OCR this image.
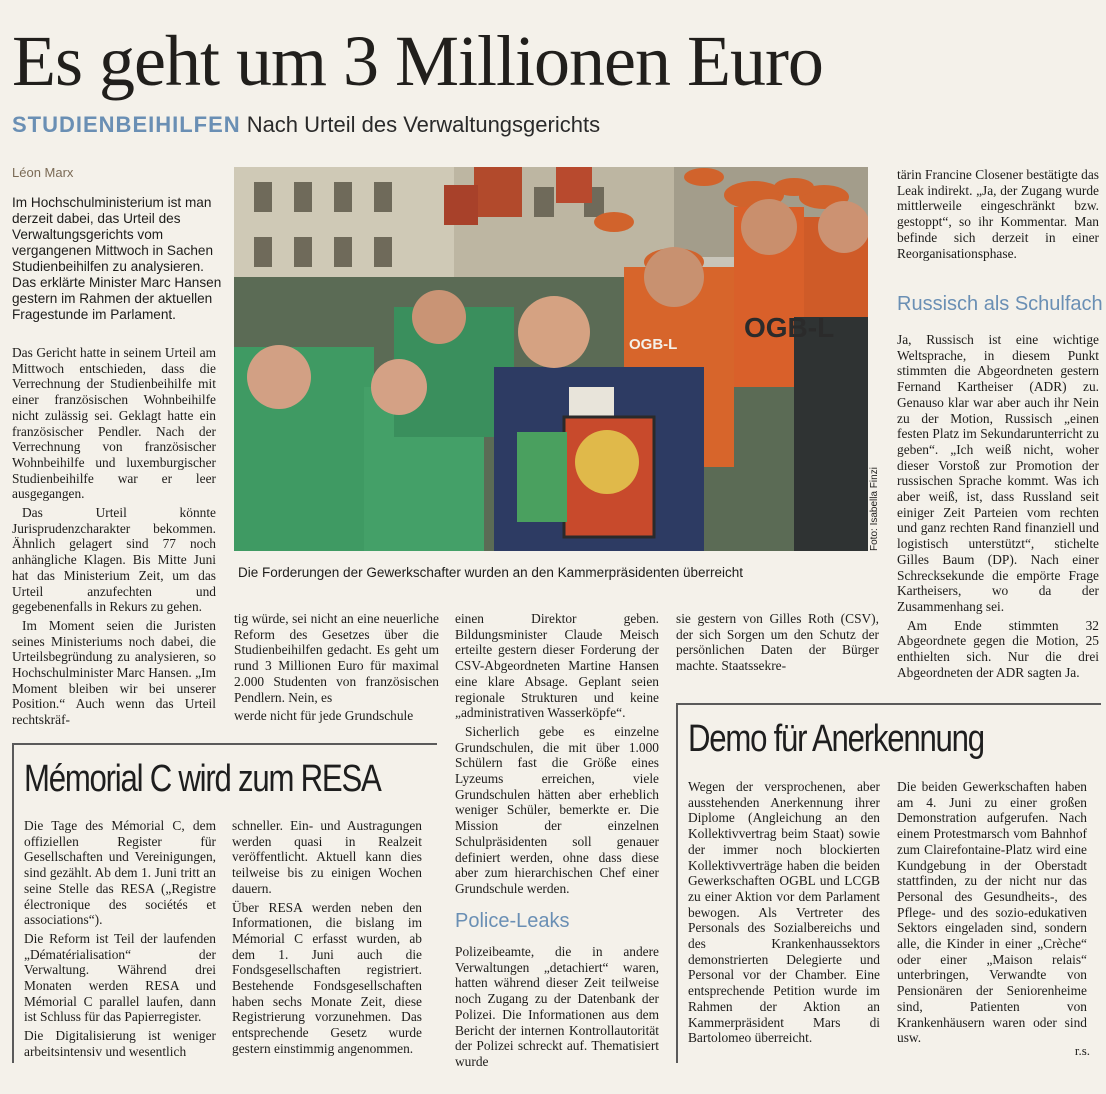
Es geht um 3 Millionen Euro
STUDIENBEIHILFEN Nach Urteil des Verwaltungsgerichts
Léon Marx
Im Hochschulministerium ist man derzeit dabei, das Urteil des Verwaltungsgerichts vom vergangenen Mittwoch in Sachen Studienbeihilfen zu analysieren. Das erklärte Minister Marc Hansen gestern im Rahmen der aktuellen Fragestunde im Parlament.

Das Gericht hatte in seinem Urteil am Mittwoch entschieden, dass die Verrechnung der Studienbeihilfe mit einer französischen Wohnbeihilfe nicht zulässig sei. Geklagt hatte ein französischer Pendler. Nach der Verrechnung von französischer Wohnbeihilfe und luxemburgischer Studienbeihilfe war er leer ausgegangen.

Das Urteil könnte Jurisprudenzcharakter bekommen. Ähnlich gelagert sind 77 noch anhängliche Klagen. Bis Mitte Juni hat das Ministerium Zeit, um das Urteil anzufechten und gegebenenfalls in Rekurs zu gehen.

Im Moment seien die Juristen seines Ministeriums noch dabei, die Urteilsbegründung zu analysieren, so Hochschulminister Marc Hansen. „Im Moment bleiben wir bei unserer Position.“ Auch wenn das Urteil rechtskräf-

OGB-L
OGB-L
Foto: Isabella Finzi
Die Forderungen der Gewerkschafter wurden an den Kammerpräsidenten überreicht

tig würde, sei nicht an eine neuerliche Reform des Gesetzes über die Studienbeihilfen gedacht. Es geht um rund 3 Millionen Euro für maximal 2.000 Studenten von französischen Pendlern. Nein, es

werde nicht für jede Grundschule

einen Direktor geben. Bildungsminister Claude Meisch erteilte gestern dieser Forderung der CSV-Abgeordneten Martine Hansen eine klare Absage. Geplant seien regionale Strukturen und keine „administrativen Wasserköpfe“.

Sicherlich gebe es einzelne Grundschulen, die mit über 1.000 Schülern fast die Größe eines Lyzeums erreichen, viele Grundschulen hätten aber erheblich weniger Schüler, bemerkte er. Die Mission der einzelnen Schulpräsidenten soll genauer definiert werden, ohne dass diese aber zum hierarchischen Chef einer Grundschule werden.

Police-Leaks
Polizeibeamte, die in andere Verwaltungen „detachiert“ waren, hatten während dieser Zeit teilweise noch Zugang zu der Datenbank der Polizei. Die Informationen aus dem Bericht der internen Kontrollautorität der Polizei schreckt auf. Thematisiert wurde
sie gestern von Gilles Roth (CSV), der sich Sorgen um den Schutz der persönlichen Daten der Bürger machte. Staatssekre-
tärin Francine Closener bestätigte das Leak indirekt. „Ja, der Zugang wurde mittlerweile eingeschränkt bzw. gestoppt“, so ihr Kommentar. Man befinde sich derzeit in einer Reorganisationsphase.
Russisch als Schulfach

Ja, Russisch ist eine wichtige Weltsprache, in diesem Punkt stimmten die Abgeordneten gestern Fernand Kartheiser (ADR) zu. Genauso klar war aber auch ihr Nein zu der Motion, Russisch „einen festen Platz im Sekundarunterricht zu geben“. „Ich weiß nicht, woher dieser Vorstoß zur Promotion der russischen Sprache kommt. Was ich aber weiß, ist, dass Russland seit einiger Zeit Parteien vom rechten und ganz rechten Rand finanziell und logistisch unterstützt“, stichelte Gilles Baum (DP). Nach einer Schrecksekunde die empörte Frage Kartheisers, wo da der Zusammenhang sei.

Am Ende stimmten 32 Abgeordnete gegen die Motion, 25 enthielten sich. Nur die drei Abgeordneten der ADR sagten Ja.

Mémorial C wird zum RESA

Die Tage des Mémorial C, dem offiziellen Register für Gesellschaften und Vereinigungen, sind gezählt. Ab dem 1. Juni tritt an seine Stelle das RESA („Registre électronique des sociétés et associations“).

Die Reform ist Teil der laufenden „Dématérialisation“ der Verwaltung. Während drei Monaten werden RESA und Mémorial C parallel laufen, dann ist Schluss für das Papierregister.

Die Digitalisierung ist weniger arbeitsintensiv und wesentlich

schneller. Ein- und Austragungen werden quasi in Realzeit veröffentlicht. Aktuell kann dies teilweise bis zu einigen Wochen dauern.

Über RESA werden neben den Informationen, die bislang im Mémorial C erfasst wurden, ab dem 1. Juni auch die Fondsgesellschaften registriert. Bestehende Fondsgesellschaften haben sechs Monate Zeit, diese Registrierung vorzunehmen. Das entsprechende Gesetz wurde gestern einstimmig angenommen.

Demo für Anerkennung
Wegen der versprochenen, aber ausstehenden Anerkennung ihrer Diplome (Angleichung an den Kollektivvertrag beim Staat) sowie der immer noch blockierten Kollektivverträge haben die beiden Gewerkschaften OGBL und LCGB zu einer Aktion vor dem Parlament bewogen. Als Vertreter des Personals des Sozialbereichs und des Krankenhaussektors demonstrierten Delegierte und Personal vor der Chamber. Eine entsprechende Petition wurde im Rahmen der Aktion an Kammerpräsident Mars di Bartolomeo überreicht.
Die beiden Gewerkschaften haben am 4. Juni zu einer großen Demonstration aufgerufen. Nach einem Protestmarsch vom Bahnhof zum Clairefontaine-Platz wird eine Kundgebung in der Oberstadt stattfinden, zu der nicht nur das Personal des Gesundheits-, des Pflege- und des sozio-edukativen Sektors eingeladen sind, sondern alle, die Kinder in einer „Crèche“ oder einer „Maison relais“ unterbringen, Verwandte von Pensionären der Seniorenheime sind, Patienten von Krankenhäusern waren oder sind usw.
r.s.
